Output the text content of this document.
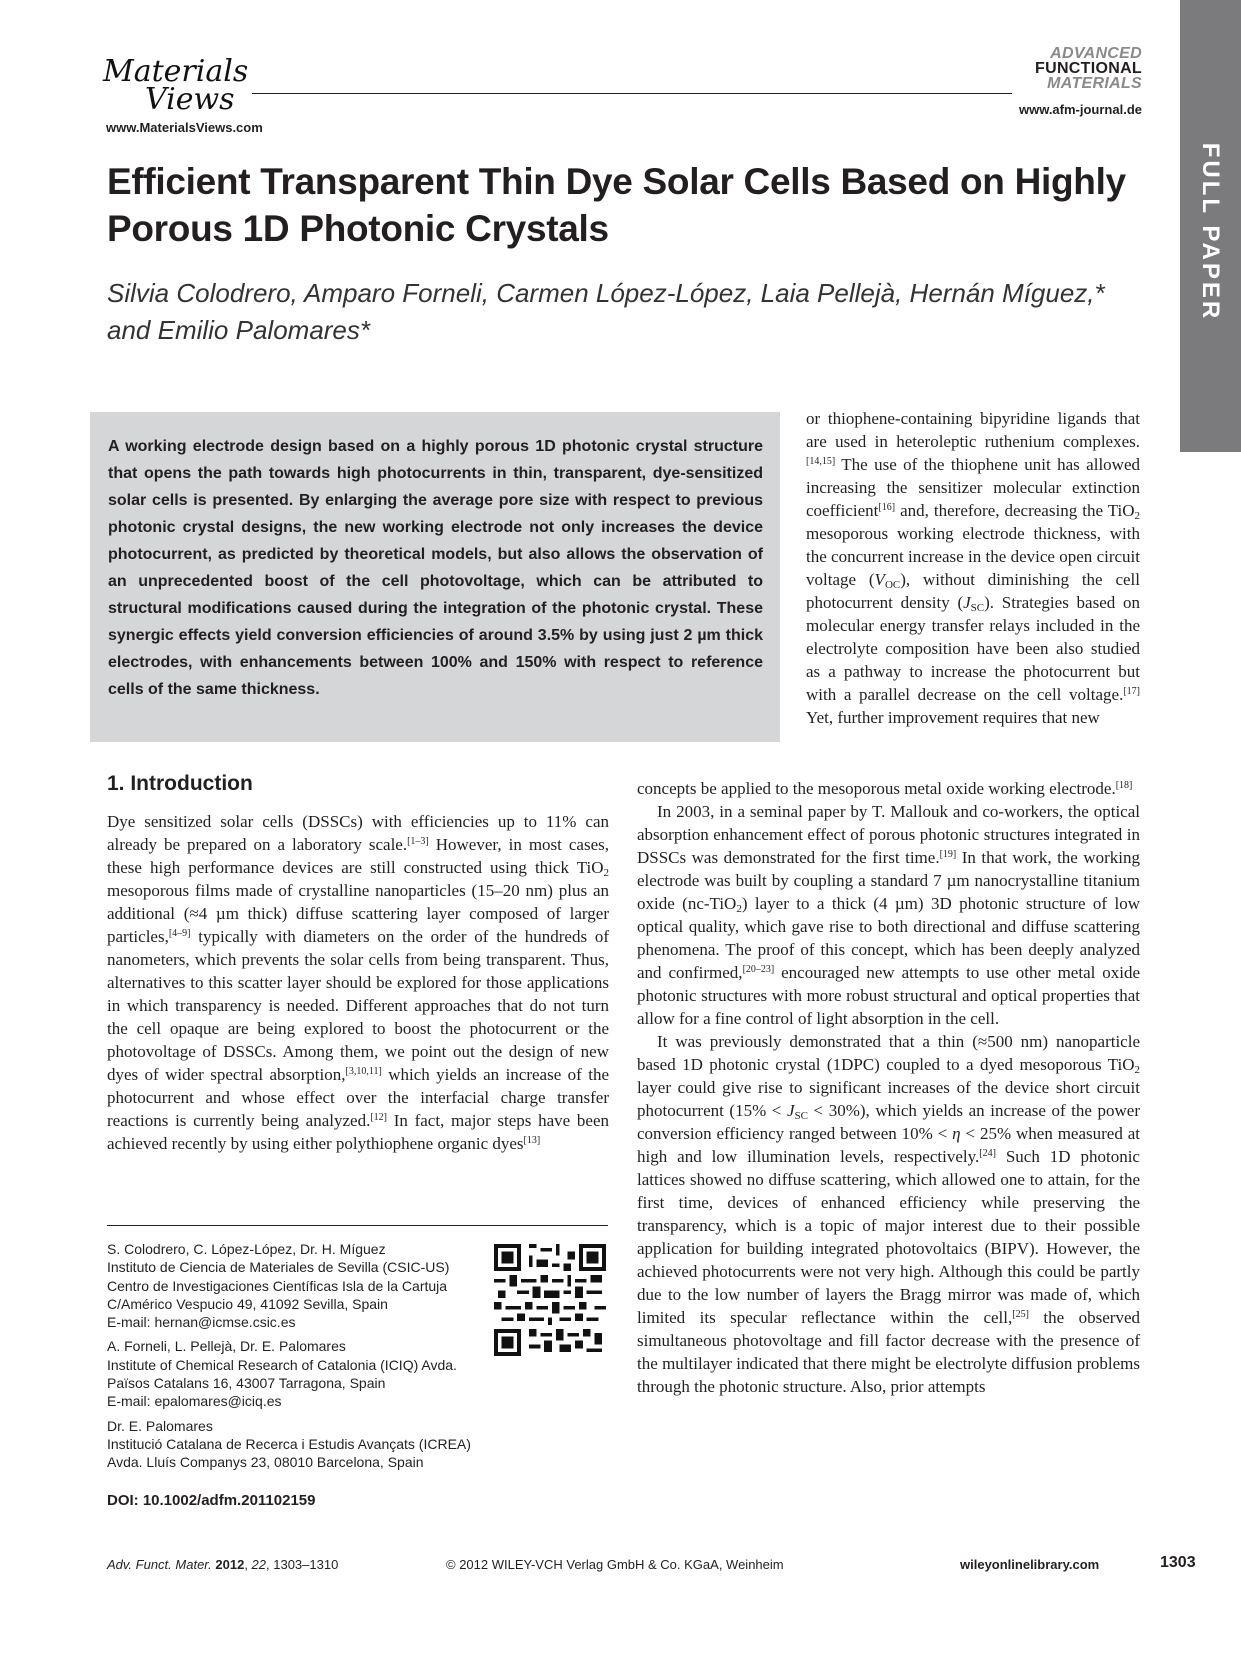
Materials
Views
www.MaterialsViews.com
ADVANCED
FUNCTIONAL
MATERIALS
www.afm-journal.de
FULL PAPER
Efficient Transparent Thin Dye Solar Cells Based on Highly Porous 1D Photonic Crystals
Silvia Colodrero, Amparo Forneli, Carmen López-López, Laia Pellejà, Hernán Míguez,*
and Emilio Palomares*
A working electrode design based on a highly porous 1D photonic crystal structure that opens the path towards high photocurrents in thin, transparent, dye-sensitized solar cells is presented. By enlarging the average pore size with respect to previous photonic crystal designs, the new working electrode not only increases the device photocurrent, as predicted by theoretical models, but also allows the observation of an unprecedented boost of the cell photovoltage, which can be attributed to structural modifications caused during the integration of the photonic crystal. These synergic effects yield conversion efficiencies of around 3.5% by using just 2 µm thick electrodes, with enhancements between 100% and 150% with respect to reference cells of the same thickness.

or thiophene-containing bipyridine ligands that are used in heteroleptic ruthenium complexes.[14,15] The use of the thiophene unit has allowed increasing the sensitizer molecular extinction coefficient[16] and, therefore, decreasing the TiO$_2$ mesoporous working electrode thickness, with the concurrent increase in the device open circuit voltage $(V_{OC})$, without diminishing the cell photocurrent density $(J_{SC})$. Strategies based on molecular energy transfer relays included in the electrolyte composition have been also studied as a pathway to increase the photocurrent but with a parallel decrease on the cell voltage.[17] Yet, further improvement requires that new

concepts be applied to the mesoporous metal oxide working electrode.[18]

In 2003, in a seminal paper by T. Mallouk and co-workers, the optical absorption enhancement effect of porous photonic structures integrated in DSSCs was demonstrated for the first time.[19] In that work, the working electrode was built by coupling a standard 7 µm nanocrystalline titanium oxide (nc-TiO$_2$) layer to a thick (4 µm) 3D photonic structure of low optical quality, which gave rise to both directional and diffuse scattering phenomena. The proof of this concept, which has been deeply analyzed and confirmed,[20–23] encouraged new attempts to use other metal oxide photonic structures with more robust structural and optical properties that allow for a fine control of light absorption in the cell.

It was previously demonstrated that a thin (≈500 nm) nanoparticle based 1D photonic crystal (1DPC) coupled to a dyed mesoporous TiO$_2$ layer could give rise to significant increases of the device short circuit photocurrent $(15\% < J_{SC} < 30\%)$, which yields an increase of the power conversion efficiency ranged between 10% < η < 25% when measured at high and low illumination levels, respectively.[24] Such 1D photonic lattices showed no diffuse scattering, which allowed one to attain, for the first time, devices of enhanced efficiency while preserving the transparency, which is a topic of major interest due to their possible application for building integrated photovoltaics (BIPV). However, the achieved photocurrents were not very high. Although this could be partly due to the low number of layers the Bragg mirror was made of, which limited its specular reflectance within the cell,[25] the observed simultaneous photovoltage and fill factor decrease with the presence of the multilayer indicated that there might be electrolyte diffusion problems through the photonic structure. Also, prior attempts

1. Introduction

Dye sensitized solar cells (DSSCs) with efficiencies up to 11% can already be prepared on a laboratory scale.[1–3] However, in most cases, these high performance devices are still constructed using thick TiO$_2$ mesoporous films made of crystalline nanoparticles (15–20 nm) plus an additional (≈4 µm thick) diffuse scattering layer composed of larger particles,[4–9] typically with diameters on the order of the hundreds of nanometers, which prevents the solar cells from being transparent. Thus, alternatives to this scatter layer should be explored for those applications in which transparency is needed. Different approaches that do not turn the cell opaque are being explored to boost the photocurrent or the photovoltage of DSSCs. Among them, we point out the design of new dyes of wider spectral absorption,[3,10,11] which yields an increase of the photocurrent and whose effect over the interfacial charge transfer reactions is currently being analyzed.[12] In fact, major steps have been achieved recently by using either polythiophene organic dyes[13]

S. Colodrero, C. López-López, Dr. H. Míguez
Instituto de Ciencia de Materiales de Sevilla (CSIC-US)
Centro de Investigaciones Científicas Isla de la Cartuja
C/Américo Vespucio 49, 41092 Sevilla, Spain
E-mail: hernan@icmse.csic.es

A. Forneli, L. Pellejà, Dr. E. Palomares
Institute of Chemical Research of Catalonia (ICIQ) Avda.
Països Catalans 16, 43007 Tarragona, Spain
E-mail: epalomares@iciq.es

Dr. E. Palomares
Institució Catalana de Recerca i Estudis Avançats (ICREA)
Avda. Lluís Companys 23, 08010 Barcelona, Spain

DOI: 10.1002/adfm.201102159
Adv. Funct. Mater. 2012, 22, 1303–1310	© 2012 WILEY-VCH Verlag GmbH & Co. KGaA, Weinheim	wileyonlinelibrary.com	1303
